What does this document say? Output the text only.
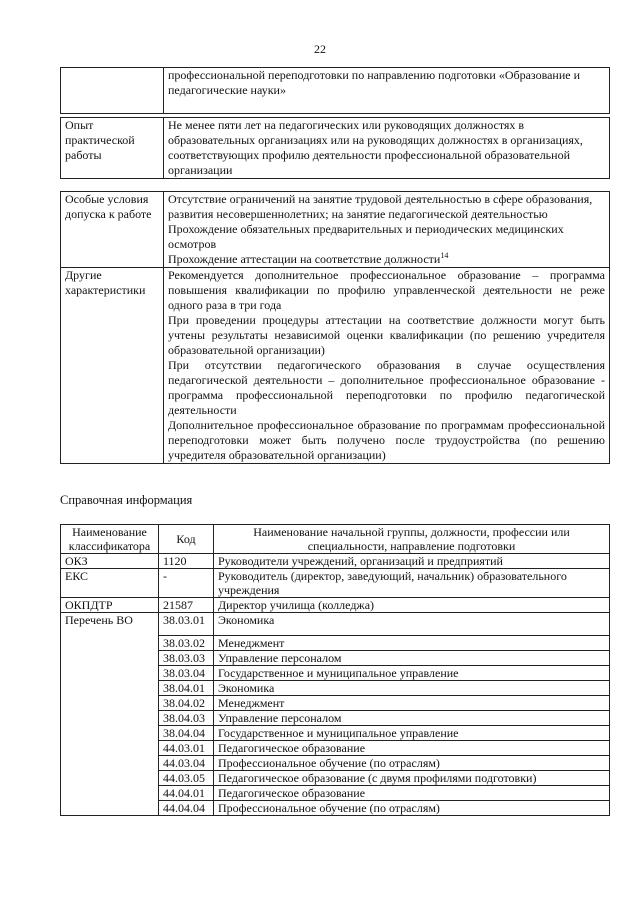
22
	профессиональной переподготовки по направлению подготовки «Образование и педагогические науки»
Опыт практической работы	Не менее пяти лет на педагогических или руководящих должностях в образовательных организациях или на руководящих должностях в организациях, соответствующих профилю деятельности профессиональной образовательной организации
Особые условия допуска к работе	Отсутствие ограничений на занятие трудовой деятельностью в сфере образования, развития несовершеннолетних; на занятие педагогической деятельностью

Прохождение обязательных предварительных и периодических медицинских осмотров

Прохождение аттестации на соответствие должности$^{14}$

Другие характеристики	Рекомендуется дополнительное профессиональное образование – программа повышения квалификации по профилю управленческой деятельности не реже одного раза в три года

При проведении процедуры аттестации на соответствие должности могут быть учтены результаты независимой оценки квалификации (по решению учредителя образовательной организации)

При отсутствии педагогического образования в случае осуществления педагогической деятельности – дополнительное профессиональное образование - программа профессиональной переподготовки по профилю педагогической деятельности

Дополнительное профессиональное образование по программам профессиональной переподготовки может быть получено после трудоустройства (по решению учредителя образовательной организации)

Справочная информация
Наименование классификатора	Код	Наименование начальной группы, должности, профессии или специальности, направление подготовки
ОКЗ	1120	Руководители учреждений, организаций и предприятий
ЕКС	-	Руководитель (директор, заведующий, начальник) образовательного учреждения
ОКПДТР	21587	Директор училища (колледжа)
Перечень ВО	38.03.01	Экономика
	38.03.02	Менеджмент
	38.03.03	Управление персоналом
	38.03.04	Государственное и муниципальное управление
	38.04.01	Экономика
	38.04.02	Менеджмент
	38.04.03	Управление персоналом
	38.04.04	Государственное и муниципальное управление
	44.03.01	Педагогическое образование
	44.03.04	Профессиональное обучение (по отраслям)
	44.03.05	Педагогическое образование (с двумя профилями подготовки)
	44.04.01	Педагогическое образование
	44.04.04	Профессиональное обучение (по отраслям)
